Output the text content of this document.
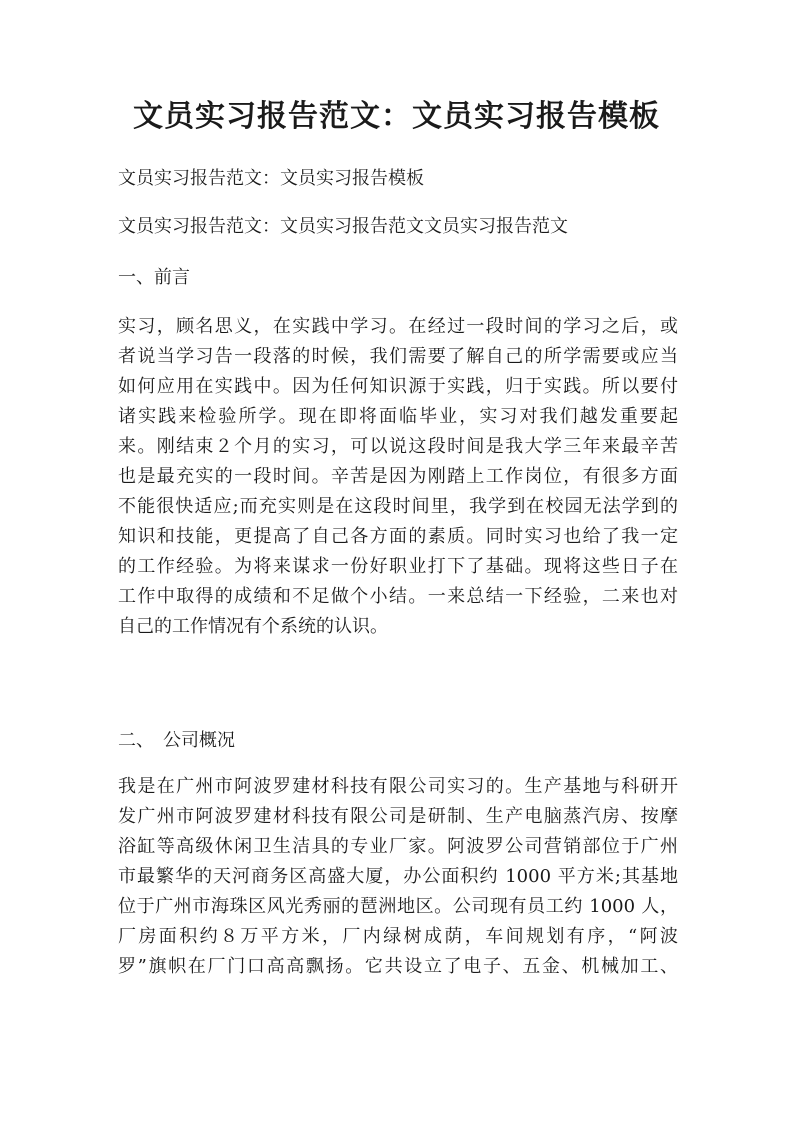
文员实习报告范文：文员实习报告模板
文员实习报告范文：文员实习报告模板
文员实习报告范文：文员实习报告范文文员实习报告范文
一、前言
实习，顾名思义，在实践中学习。在经过一段时间的学习之后，或
者说当学习告一段落的时候，我们需要了解自己的所学需要或应当
如何应用在实践中。因为任何知识源于实践，归于实践。所以要付
诸实践来检验所学。现在即将面临毕业，实习对我们越发重要起
来。刚结束２个月的实习，可以说这段时间是我大学三年来最辛苦
也是最充实的一段时间。辛苦是因为刚踏上工作岗位，有很多方面
不能很快适应;而充实则是在这段时间里，我学到在校园无法学到的
知识和技能，更提高了自己各方面的素质。同时实习也给了我一定
的工作经验。为将来谋求一份好职业打下了基础。现将这些日子在
工作中取得的成绩和不足做个小结。一来总结一下经验，二来也对
自己的工作情况有个系统的认识。
二、　公司概况
我是在广州市阿波罗建材科技有限公司实习的。生产基地与科研开
发广州市阿波罗建材科技有限公司是研制、生产电脑蒸汽房、按摩
浴缸等高级休闲卫生洁具的专业厂家。阿波罗公司营销部位于广州
市最繁华的天河商务区高盛大厦，办公面积约 1000 平方米;其基地
位于广州市海珠区风光秀丽的琶洲地区。公司现有员工约 1000 人，
厂房面积约８万平方米，厂内绿树成荫，车间规划有序，“阿波
罗”旗帜在厂门口高高飘扬。它共设立了电子、五金、机械加工、
